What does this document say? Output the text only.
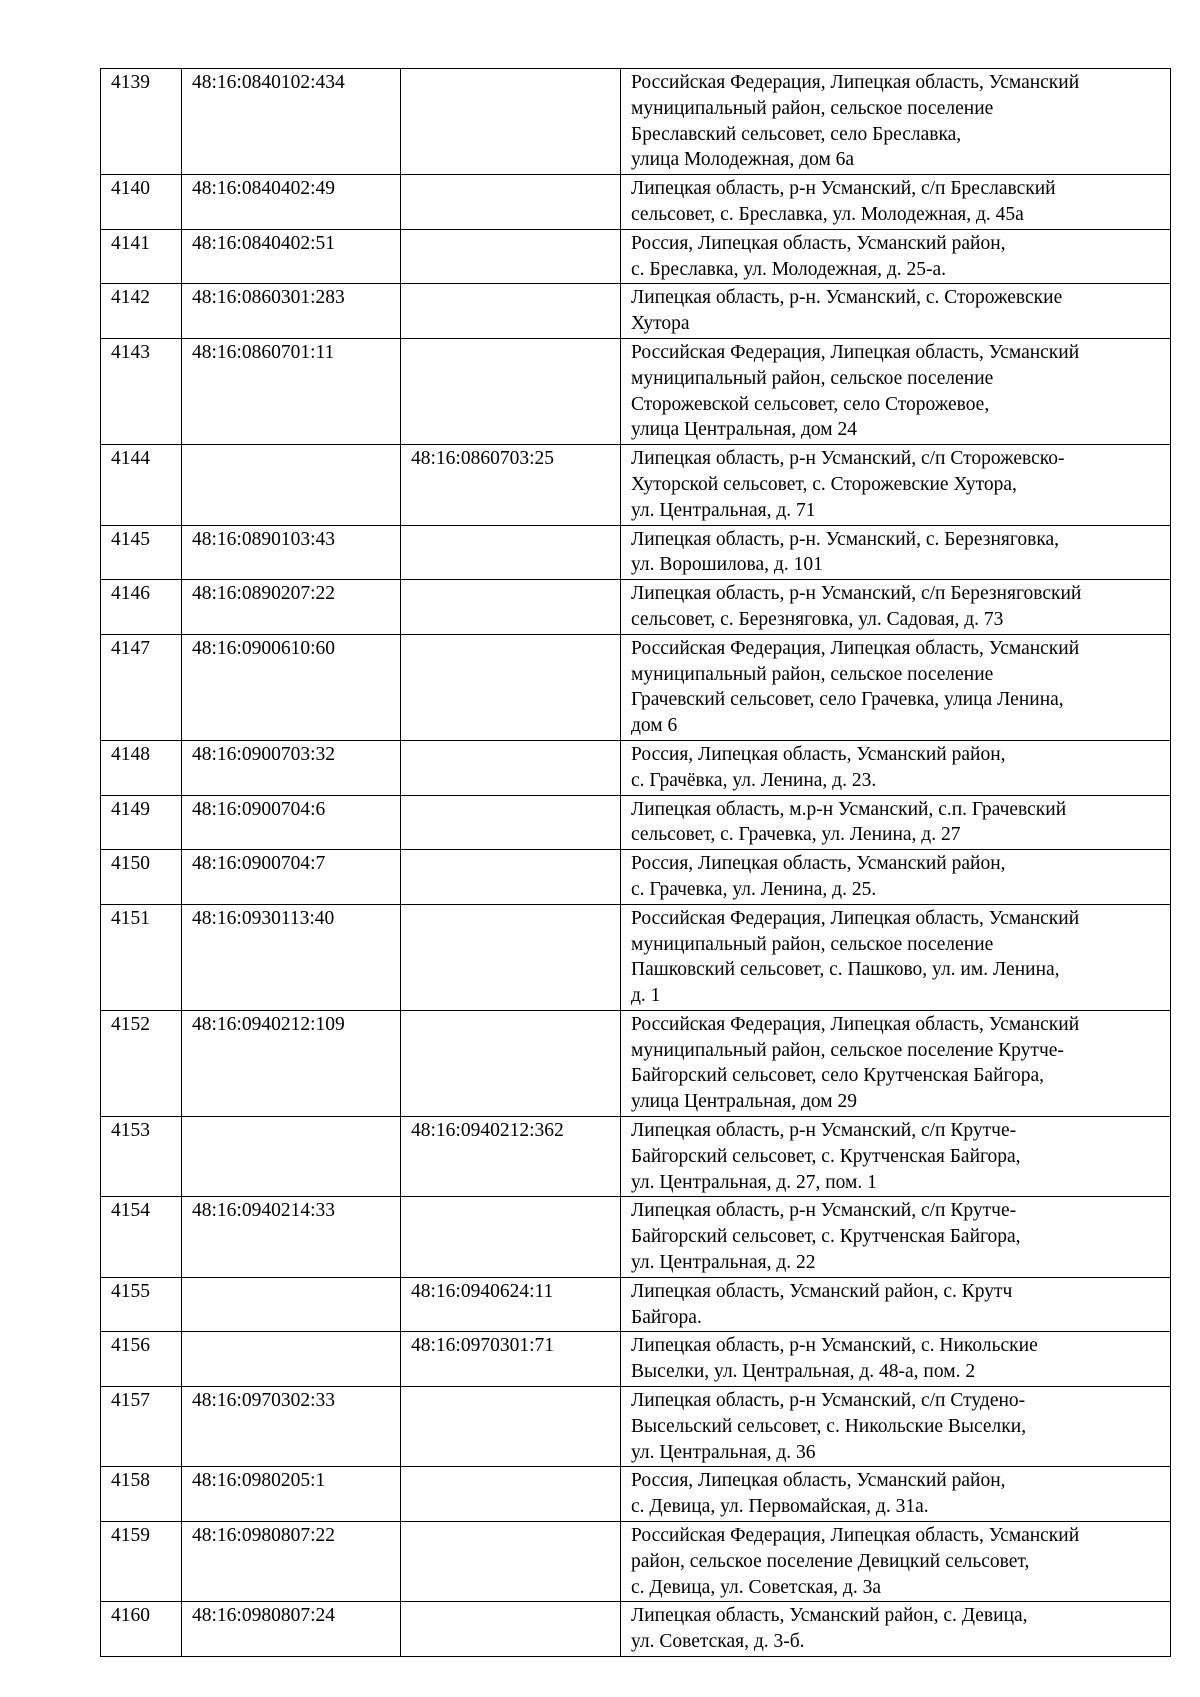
4139	48:16:0840102:434		Российская Федерация, Липецкая область, Усманский
муниципальный район, сельское поселение
Бреславский сельсовет, село Бреславка,
улица Молодежная, дом 6а
4140	48:16:0840402:49		Липецкая область, р-н Усманский, с/п Бреславский
сельсовет, с. Бреславка, ул. Молодежная, д. 45а
4141	48:16:0840402:51		Россия, Липецкая область, Усманский район,
с. Бреславка, ул. Молодежная, д. 25-а.
4142	48:16:0860301:283		Липецкая область, р-н. Усманский, с. Сторожевские
Хутора
4143	48:16:0860701:11		Российская Федерация, Липецкая область, Усманский
муниципальный район, сельское поселение
Сторожевской сельсовет, село Сторожевое,
улица Центральная, дом 24
4144		48:16:0860703:25	Липецкая область, р-н Усманский, с/п Сторожевско-
Хуторской сельсовет, с. Сторожевские Хутора,
ул. Центральная, д. 71
4145	48:16:0890103:43		Липецкая область, р-н. Усманский, с. Березняговка,
ул. Ворошилова, д. 101
4146	48:16:0890207:22		Липецкая область, р-н Усманский, с/п Березняговский
сельсовет, с. Березняговка, ул. Садовая, д. 73
4147	48:16:0900610:60		Российская Федерация, Липецкая область, Усманский
муниципальный район, сельское поселение
Грачевский сельсовет, село Грачевка, улица Ленина,
дом 6
4148	48:16:0900703:32		Россия, Липецкая область, Усманский район,
с. Грачёвка, ул. Ленина, д. 23.
4149	48:16:0900704:6		Липецкая область, м.р-н Усманский, с.п. Грачевский
сельсовет, с. Грачевка, ул. Ленина, д. 27
4150	48:16:0900704:7		Россия, Липецкая область, Усманский район,
с. Грачевка, ул. Ленина, д. 25.
4151	48:16:0930113:40		Российская Федерация, Липецкая область, Усманский
муниципальный район, сельское поселение
Пашковский сельсовет, с. Пашково, ул. им. Ленина,
д. 1
4152	48:16:0940212:109		Российская Федерация, Липецкая область, Усманский
муниципальный район, сельское поселение Крутче-
Байгорский сельсовет, село Крутченская Байгора,
улица Центральная, дом 29
4153		48:16:0940212:362	Липецкая область, р-н Усманский, с/п Крутче-
Байгорский сельсовет, с. Крутченская Байгора,
ул. Центральная, д. 27, пом. 1
4154	48:16:0940214:33		Липецкая область, р-н Усманский, с/п Крутче-
Байгорский сельсовет, с. Крутченская Байгора,
ул. Центральная, д. 22
4155		48:16:0940624:11	Липецкая область, Усманский район, с. Крутч
Байгора.
4156		48:16:0970301:71	Липецкая область, р-н Усманский, с. Никольские
Выселки, ул. Центральная, д. 48-а, пом. 2
4157	48:16:0970302:33		Липецкая область, р-н Усманский, с/п Студено-
Высельский сельсовет, с. Никольские Выселки,
ул. Центральная, д. 36
4158	48:16:0980205:1		Россия, Липецкая область, Усманский район,
с. Девица, ул. Первомайская, д. 31а.
4159	48:16:0980807:22		Российская Федерация, Липецкая область, Усманский
район, сельское поселение Девицкий сельсовет,
с. Девица, ул. Советская, д. 3а
4160	48:16:0980807:24		Липецкая область, Усманский район, с. Девица,
ул. Советская, д. 3-б.
